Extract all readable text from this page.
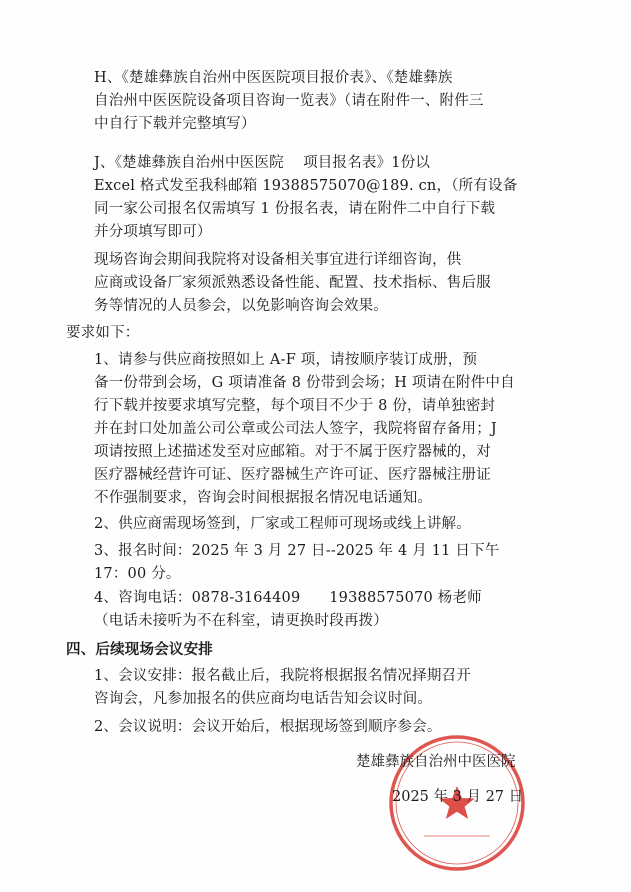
H、《楚雄彝族自治州中医医院项目报价表》、《楚雄彝族
自治州中医医院设备项目咨询一览表》（请在附件一、附件三
中自行下载并完整填写）

J、《楚雄彝族自治州中医医院    项目报名表》1份以
Excel 格式发至我科邮箱 19388575070@189. cn，（所有设备
同一家公司报名仅需填写 1 份报名表，请在附件二中自行下载
并分项填写即可）

现场咨询会期间我院将对设备相关事宜进行详细咨询，供
应商或设备厂家须派熟悉设备性能、配置、技术指标、售后服
务等情况的人员参会，以免影响咨询会效果。

要求如下：

1、请参与供应商按照如上 A-F 项，请按顺序装订成册，预
备一份带到会场，G 项请准备 8 份带到会场；H 项请在附件中自
行下载并按要求填写完整，每个项目不少于 8 份，请单独密封
并在封口处加盖公司公章或公司法人签字，我院将留存备用；J
项请按照上述描述发至对应邮箱。对于不属于医疗器械的，对
医疗器械经营许可证、医疗器械生产许可证、医疗器械注册证
不作强制要求，咨询会时间根据报名情况电话通知。

2、供应商需现场签到，厂家或工程师可现场或线上讲解。

3、报名时间：2025 年 3 月 27 日--2025 年 4 月 11 日下午
17：00 分。

4、咨询电话：0878-3164409      19388575070 杨老师
（电话未接听为不在科室，请更换时段再拨）

四、后续现场会议安排

1、会议安排：报名截止后，我院将根据报名情况择期召开
咨询会，凡参加报名的供应商均电话告知会议时间。

2、会议说明：会议开始后，根据现场签到顺序参会。

楚雄彝族自治州中医医院
2025 年 3 月 27 日
